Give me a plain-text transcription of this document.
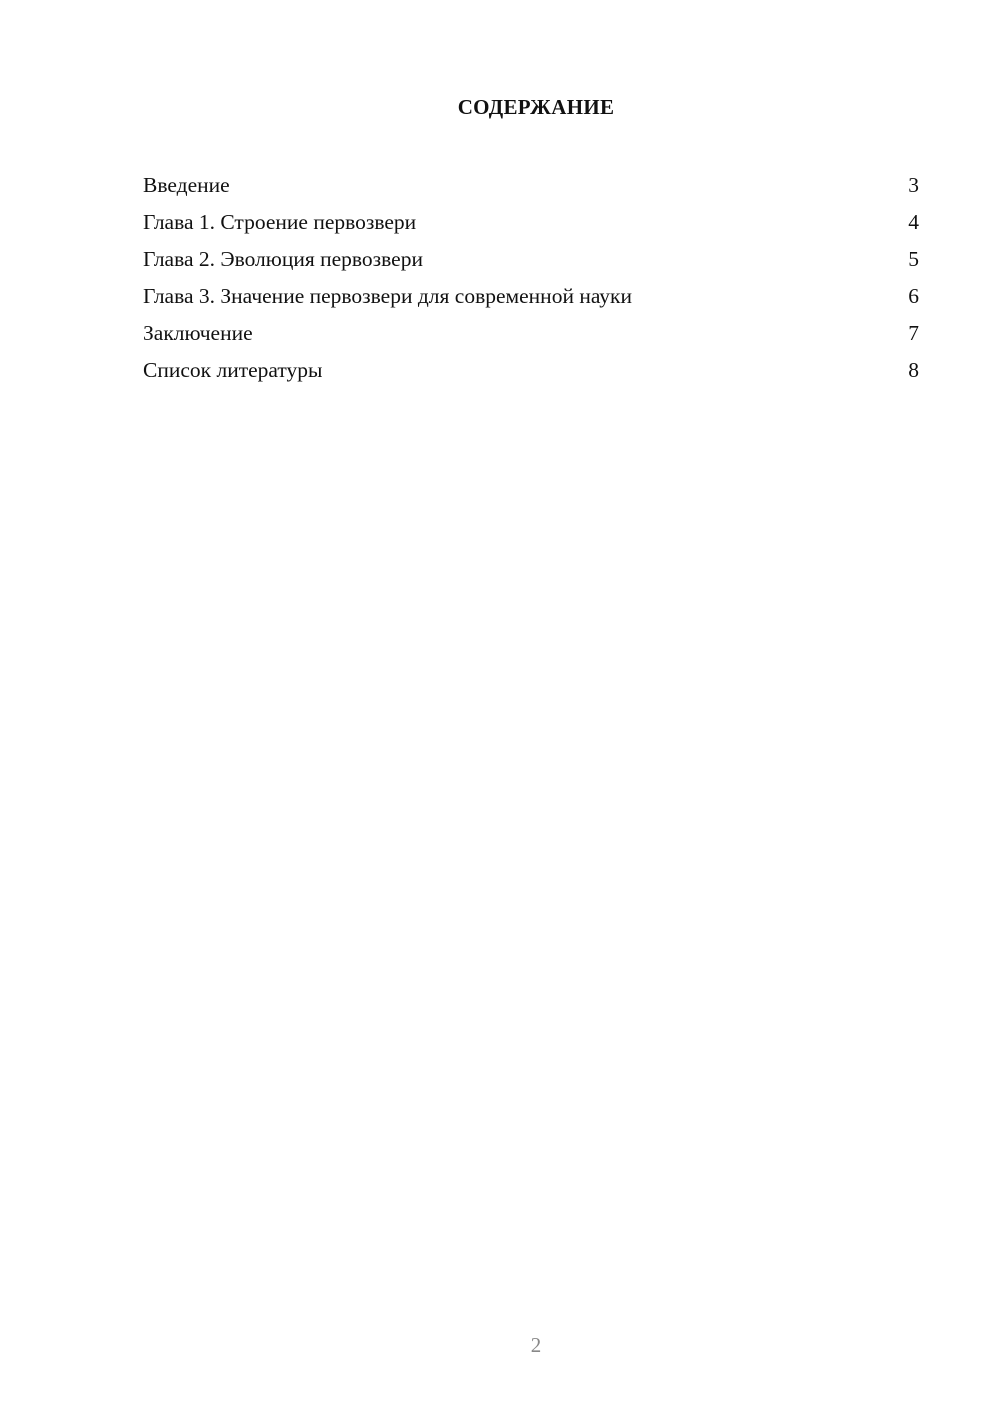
СОДЕРЖАНИЕ
Введение	3
Глава 1. Строение первозвери	4
Глава 2. Эволюция первозвери	5
Глава 3. Значение первозвери для современной науки	6
Заключение	7
Список литературы	8
2
